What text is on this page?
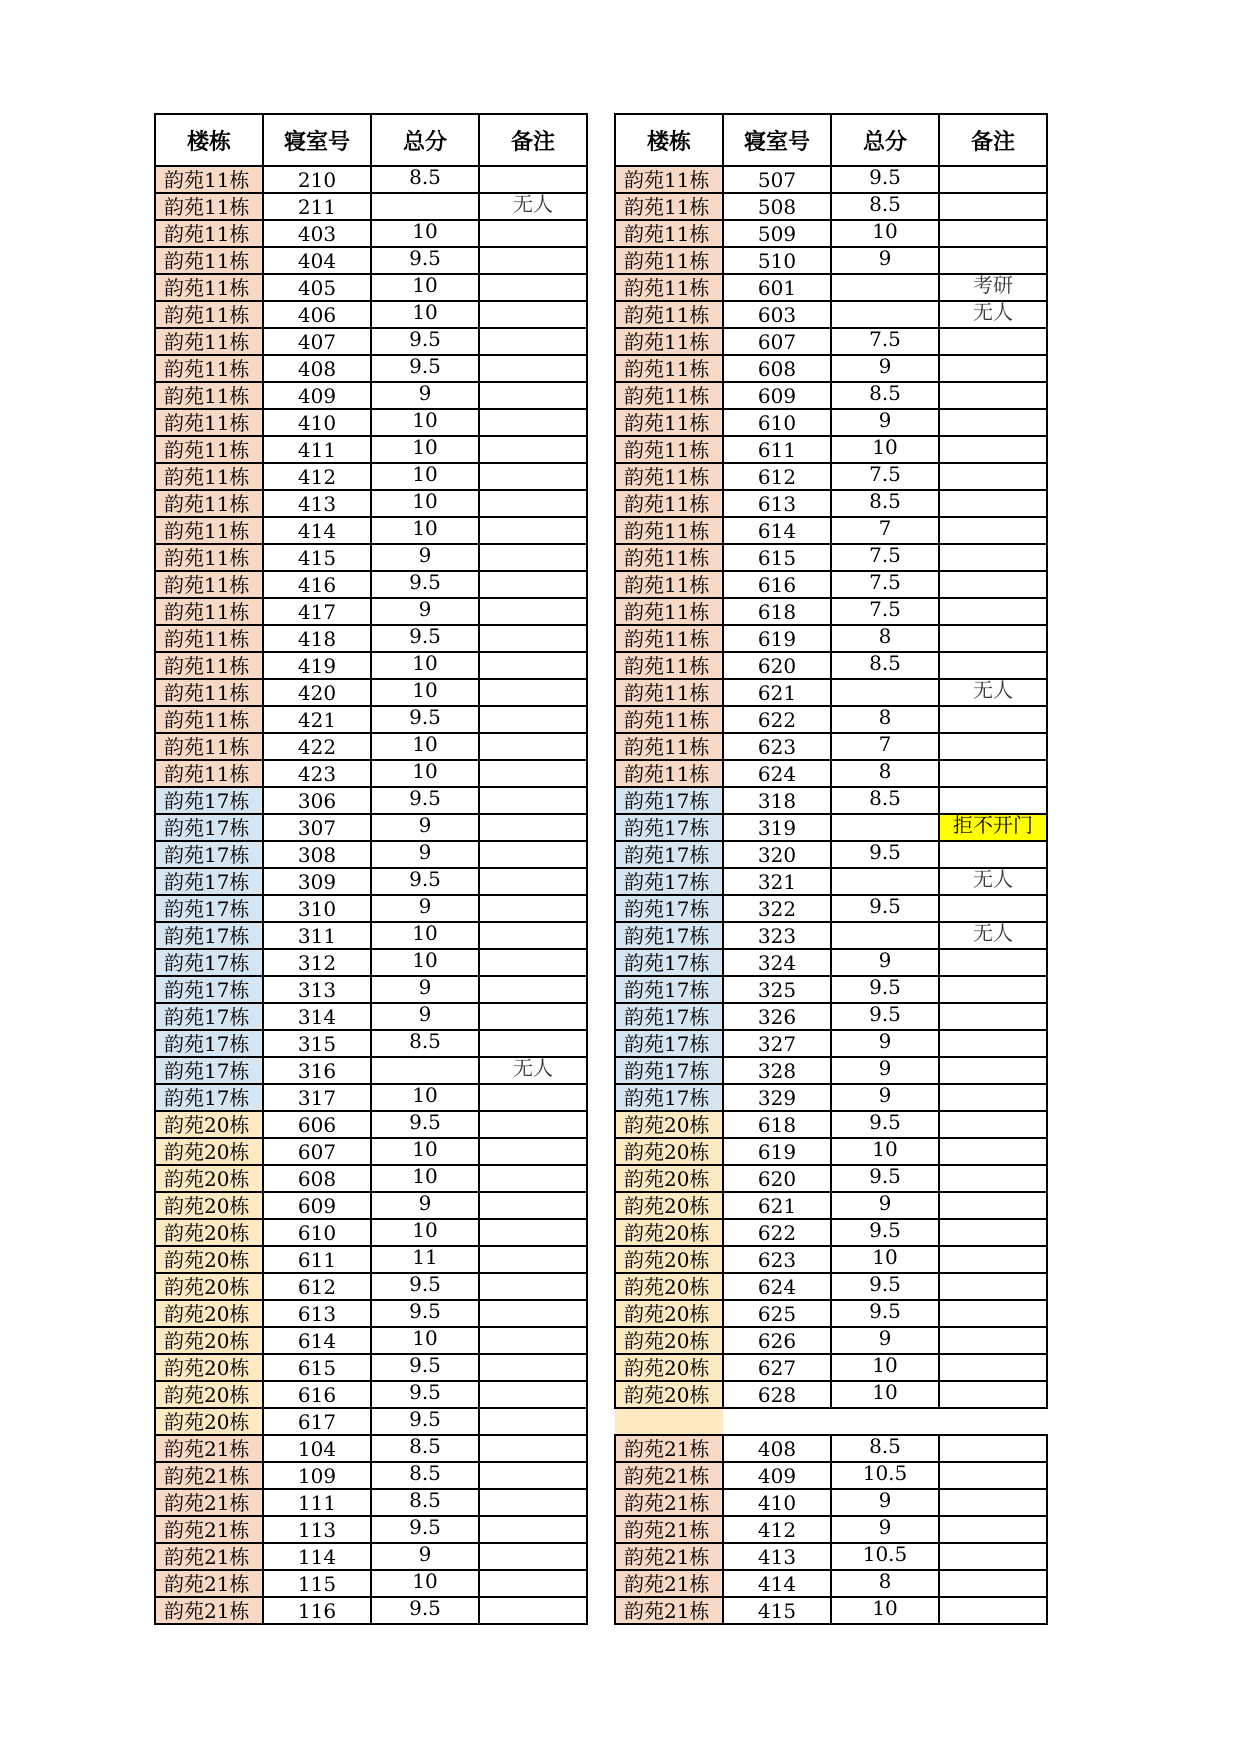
楼栋	寝室号	总分	备注
韵苑11栋	210	8.5	
韵苑11栋	211		无人
韵苑11栋	403	10	
韵苑11栋	404	9.5	
韵苑11栋	405	10	
韵苑11栋	406	10	
韵苑11栋	407	9.5	
韵苑11栋	408	9.5	
韵苑11栋	409	9	
韵苑11栋	410	10	
韵苑11栋	411	10	
韵苑11栋	412	10	
韵苑11栋	413	10	
韵苑11栋	414	10	
韵苑11栋	415	9	
韵苑11栋	416	9.5	
韵苑11栋	417	9	
韵苑11栋	418	9.5	
韵苑11栋	419	10	
韵苑11栋	420	10	
韵苑11栋	421	9.5	
韵苑11栋	422	10	
韵苑11栋	423	10	
韵苑17栋	306	9.5	
韵苑17栋	307	9	
韵苑17栋	308	9	
韵苑17栋	309	9.5	
韵苑17栋	310	9	
韵苑17栋	311	10	
韵苑17栋	312	10	
韵苑17栋	313	9	
韵苑17栋	314	9	
韵苑17栋	315	8.5	
韵苑17栋	316		无人
韵苑17栋	317	10	
韵苑20栋	606	9.5	
韵苑20栋	607	10	
韵苑20栋	608	10	
韵苑20栋	609	9	
韵苑20栋	610	10	
韵苑20栋	611	11	
韵苑20栋	612	9.5	
韵苑20栋	613	9.5	
韵苑20栋	614	10	
韵苑20栋	615	9.5	
韵苑20栋	616	9.5	
韵苑20栋	617	9.5	
韵苑21栋	104	8.5	
韵苑21栋	109	8.5	
韵苑21栋	111	8.5	
韵苑21栋	113	9.5	
韵苑21栋	114	9	
韵苑21栋	115	10	
韵苑21栋	116	9.5	
楼栋	寝室号	总分	备注
韵苑11栋	507	9.5	
韵苑11栋	508	8.5	
韵苑11栋	509	10	
韵苑11栋	510	9	
韵苑11栋	601		考研
韵苑11栋	603		无人
韵苑11栋	607	7.5	
韵苑11栋	608	9	
韵苑11栋	609	8.5	
韵苑11栋	610	9	
韵苑11栋	611	10	
韵苑11栋	612	7.5	
韵苑11栋	613	8.5	
韵苑11栋	614	7	
韵苑11栋	615	7.5	
韵苑11栋	616	7.5	
韵苑11栋	618	7.5	
韵苑11栋	619	8	
韵苑11栋	620	8.5	
韵苑11栋	621		无人
韵苑11栋	622	8	
韵苑11栋	623	7	
韵苑11栋	624	8	
韵苑17栋	318	8.5	
韵苑17栋	319		拒不开门
韵苑17栋	320	9.5	
韵苑17栋	321		无人
韵苑17栋	322	9.5	
韵苑17栋	323		无人
韵苑17栋	324	9	
韵苑17栋	325	9.5	
韵苑17栋	326	9.5	
韵苑17栋	327	9	
韵苑17栋	328	9	
韵苑17栋	329	9	
韵苑20栋	618	9.5	
韵苑20栋	619	10	
韵苑20栋	620	9.5	
韵苑20栋	621	9	
韵苑20栋	622	9.5	
韵苑20栋	623	10	
韵苑20栋	624	9.5	
韵苑20栋	625	9.5	
韵苑20栋	626	9	
韵苑20栋	627	10	
韵苑20栋	628	10	

韵苑21栋	408	8.5	
韵苑21栋	409	10.5	
韵苑21栋	410	9	
韵苑21栋	412	9	
韵苑21栋	413	10.5	
韵苑21栋	414	8	
韵苑21栋	415	10	
